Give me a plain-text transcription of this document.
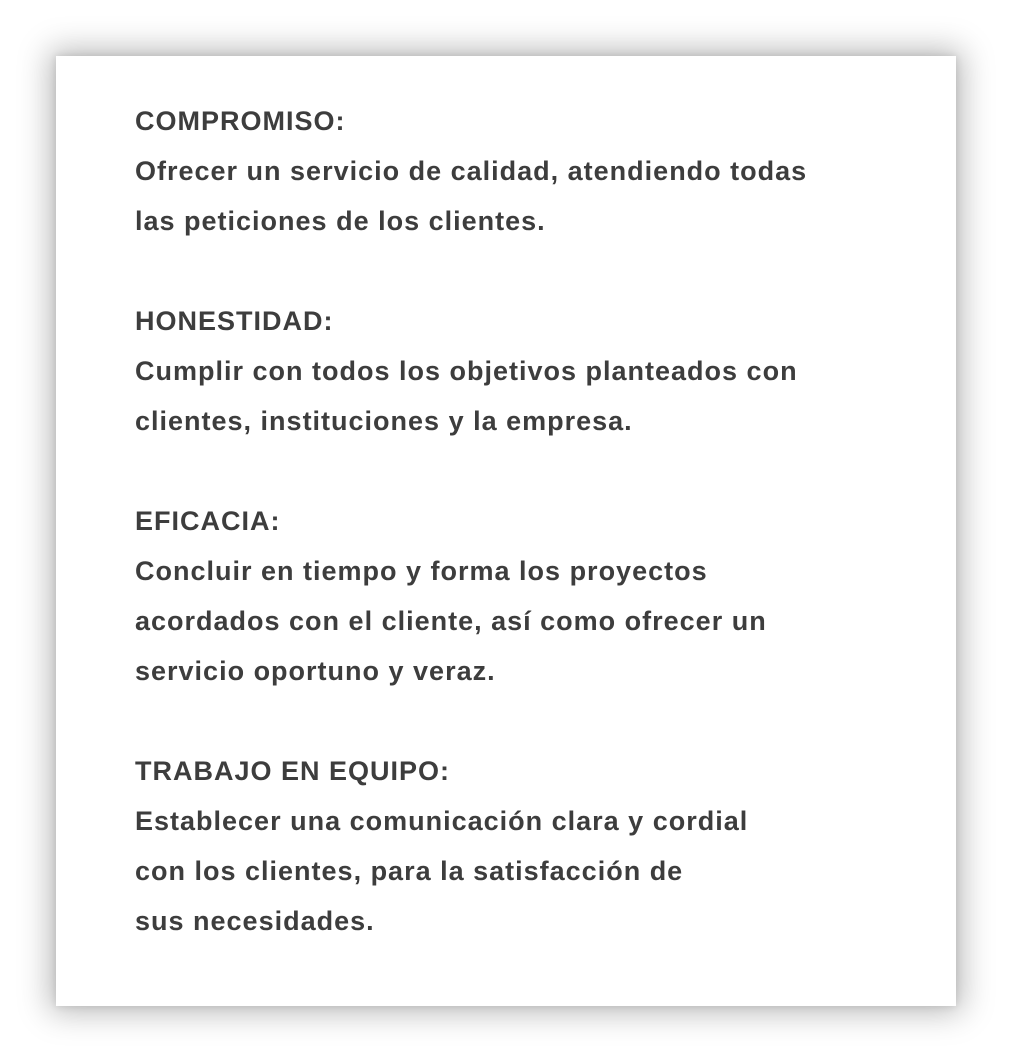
COMPROMISO:
Ofrecer un servicio de calidad, atendiendo todas
las peticiones de los clientes.
HONESTIDAD:
Cumplir con todos los objetivos planteados con
clientes, instituciones y la empresa.
EFICACIA:
Concluir en tiempo y forma los proyectos
acordados con el cliente, así como ofrecer un
servicio oportuno y veraz.
TRABAJO EN EQUIPO:
Establecer una comunicación clara y cordial
con los clientes, para la satisfacción de
sus necesidades.
